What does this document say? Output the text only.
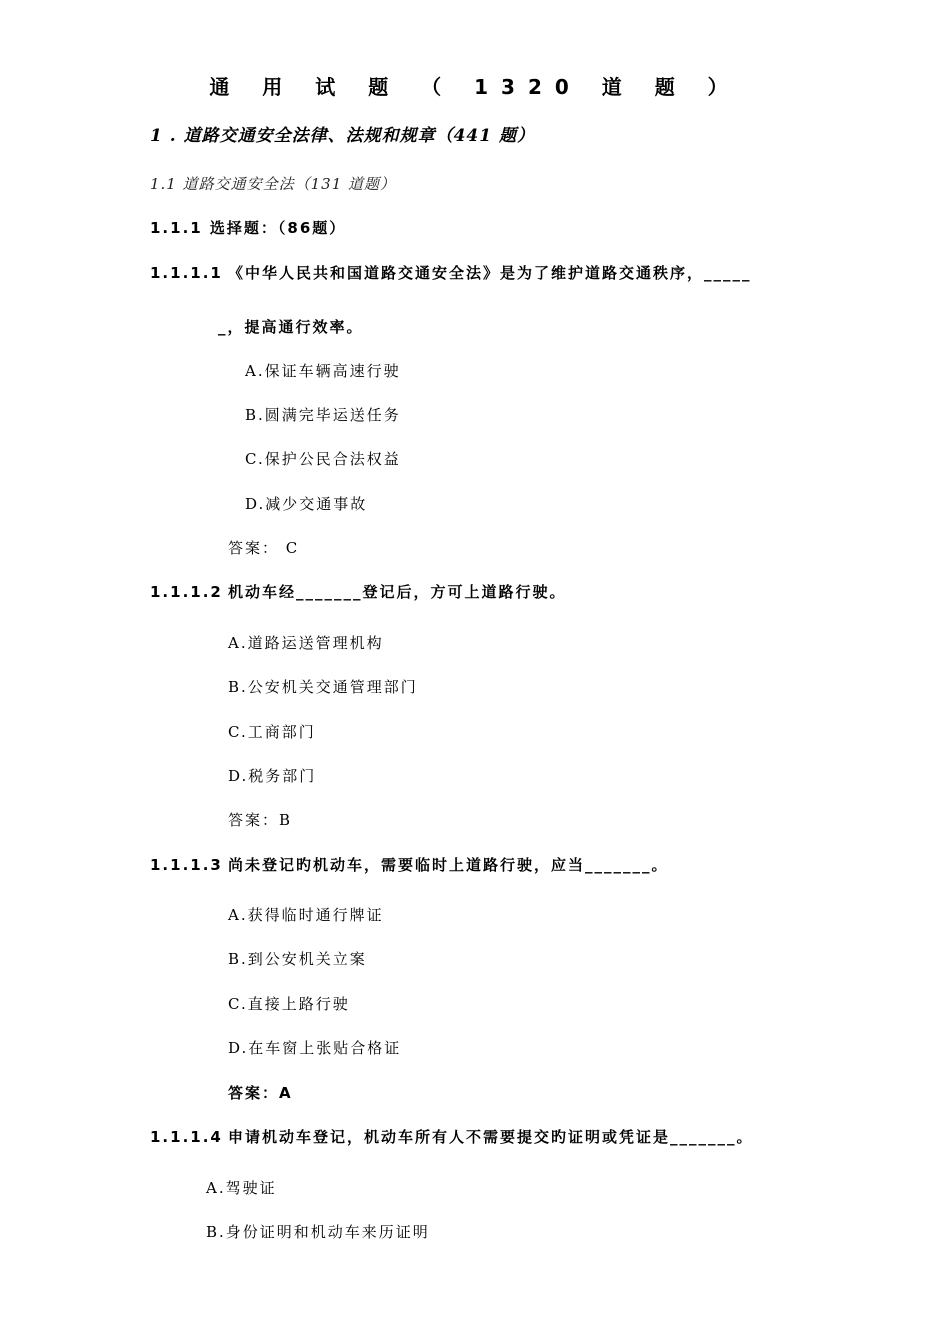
通 用 试 题 （ 1320 道 题 ）
1 . 道路交通安全法律、法规和规章（441 题）
1.1 道路交通安全法（131 道题）
1.1.1 选择题：（86题）
1.1.1.1 《中华人民共和国道路交通安全法》是为了维护道路交通秩序，_____
_，提高通行效率。
A.保证车辆高速行驶
B.圆满完毕运送任务
C.保护公民合法权益
D.减少交通事故
答案： C
1.1.1.2 机动车经_______登记后，方可上道路行驶。
A.道路运送管理机构
B.公安机关交通管理部门
C.工商部门
D.税务部门
答案：B
1.1.1.3 尚未登记旳机动车，需要临时上道路行驶，应当_______。
A.获得临时通行牌证
B.到公安机关立案
C.直接上路行驶
D.在车窗上张贴合格证
答案：A
1.1.1.4 申请机动车登记，机动车所有人不需要提交旳证明或凭证是_______。
A.驾驶证
B.身份证明和机动车来历证明
